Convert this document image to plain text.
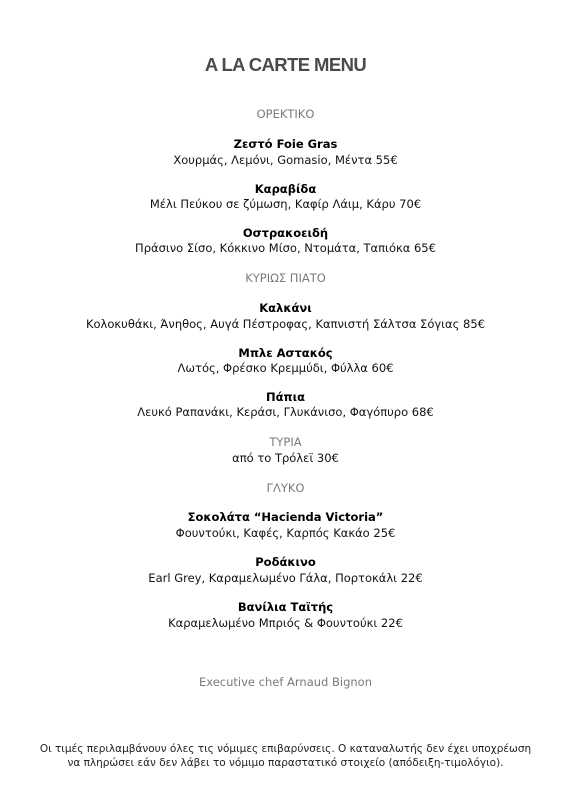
A LA CARTE MENU
ΟΡΕΚΤΙΚΟ
Ζεστό Foie Gras
Χουρμάς, Λεμόνι, Gomasio, Μέντα 55€
Καραβίδα
Μέλι Πεύκου σε ζύμωση, Καφίρ Λάιμ, Κάρυ 70€
Οστρακοειδή
Πράσινο Σίσο, Κόκκινο Μίσο, Ντομάτα, Ταπιόκα 65€
ΚΥΡΙΩΣ ΠΙΑΤΟ
Καλκάνι
Κολοκυθάκι, Άνηθος, Αυγά Πέστροφας, Καπνιστή Σάλτσα Σόγιας 85€
Μπλε Αστακός
Λωτός, Φρέσκο Κρεμμύδι, Φύλλα 60€
Πάπια
Λευκό Ραπανάκι, Κεράσι, Γλυκάνισο, Φαγόπυρο 68€
ΤΥΡΙΑ
από το Τρόλεϊ 30€
ΓΛΥΚΟ
Σοκολάτα “Hacienda Victoria”
Φουντούκι, Καφές, Καρπός Κακάο 25€
Ροδάκινο
Earl Grey, Καραμελωμένο Γάλα, Πορτοκάλι 22€
Βανίλια Ταϊτής
Καραμελωμένο Μπριός & Φουντούκι 22€
Executive chef Arnaud Bignon
Οι τιμές περιλαμβάνουν όλες τις νόμιμες επιβαρύνσεις. Ο καταναλωτής δεν έχει υποχρέωση
να πληρώσει εάν δεν λάβει το νόμιμο παραστατικό στοιχείο (απόδειξη-τιμολόγιο).
